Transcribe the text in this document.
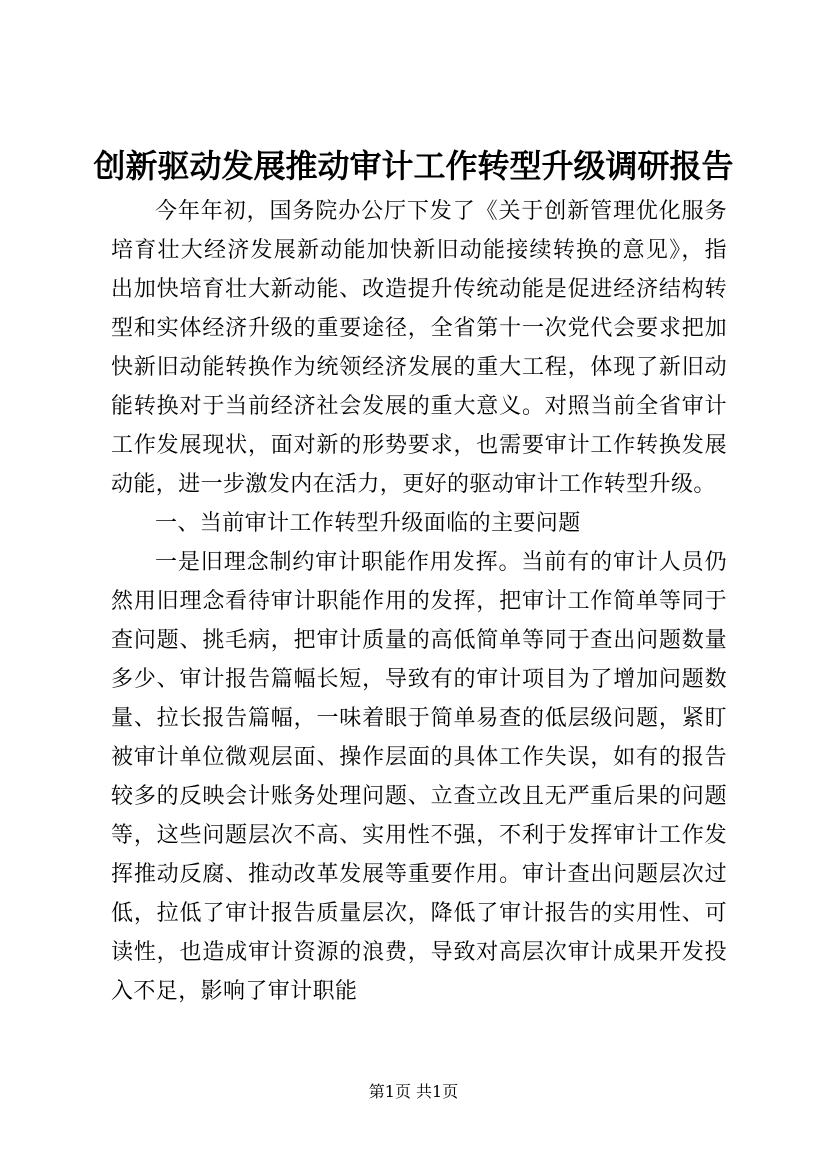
创新驱动发展推动审计工作转型升级调研报告

今年年初，国务院办公厅下发了《关于创新管理优化服务培育壮大经济发展新动能加快新旧动能接续转换的意见》，指出加快培育壮大新动能、改造提升传统动能是促进经济结构转型和实体经济升级的重要途径，全省第十一次党代会要求把加快新旧动能转换作为统领经济发展的重大工程，体现了新旧动能转换对于当前经济社会发展的重大意义。对照当前全省审计工作发展现状，面对新的形势要求，也需要审计工作转换发展动能，进一步激发内在活力，更好的驱动审计工作转型升级。

一、当前审计工作转型升级面临的主要问题

一是旧理念制约审计职能作用发挥。当前有的审计人员仍然用旧理念看待审计职能作用的发挥，把审计工作简单等同于查问题、挑毛病，把审计质量的高低简单等同于查出问题数量多少、审计报告篇幅长短，导致有的审计项目为了增加问题数量、拉长报告篇幅，一味着眼于简单易查的低层级问题，紧盯被审计单位微观层面、操作层面的具体工作失误，如有的报告较多的反映会计账务处理问题、立查立改且无严重后果的问题等，这些问题层次不高、实用性不强，不利于发挥审计工作发挥推动反腐、推动改革发展等重要作用。审计查出问题层次过低，拉低了审计报告质量层次，降低了审计报告的实用性、可读性，也造成审计资源的浪费，导致对高层次审计成果开发投入不足，影响了审计职能

第1页 共1页
